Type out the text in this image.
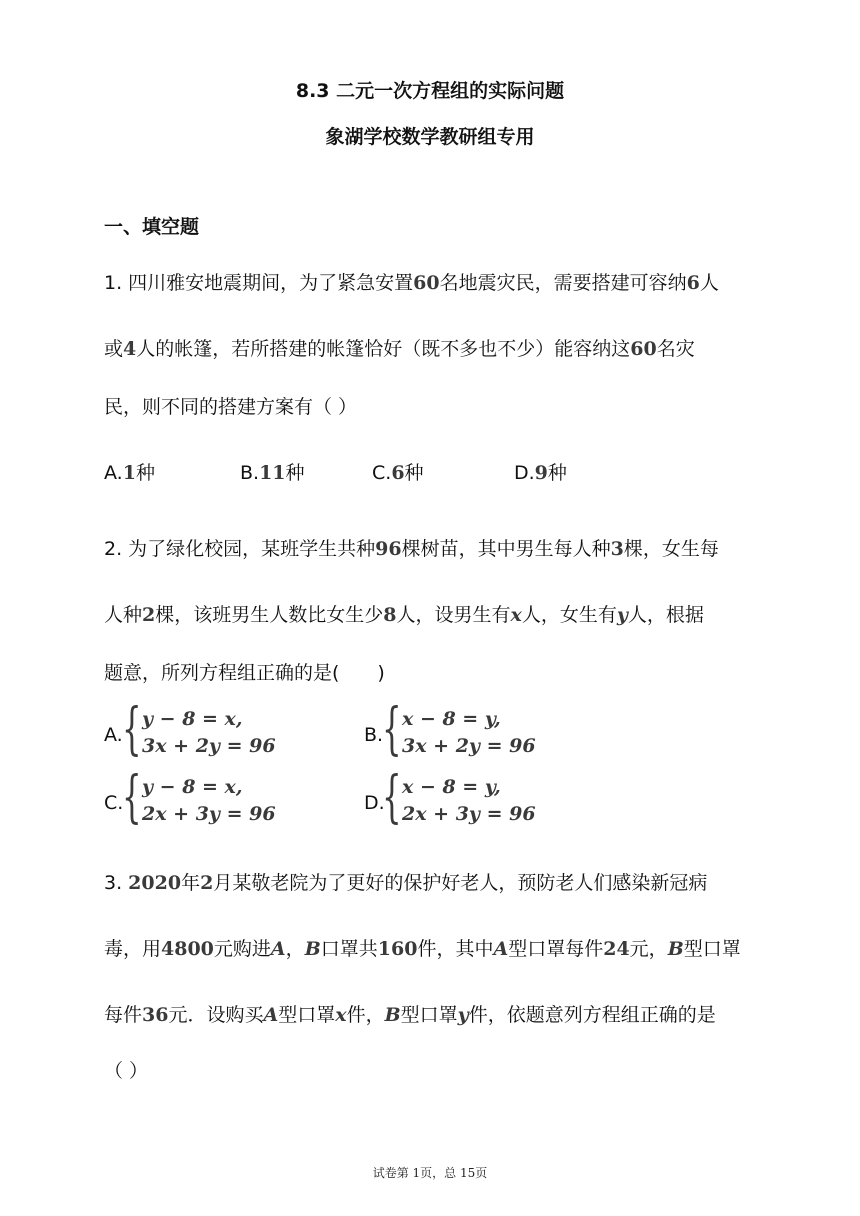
8.3 二元一次方程组的实际问题
象湖学校数学教研组专用
一、填空题
1. 四川雅安地震期间，为了紧急安置60名地震灾民，需要搭建可容纳6人
或4人的帐篷，若所搭建的帐篷恰好（既不多也不少）能容纳这60名灾
民，则不同的搭建方案有（ ）
A.1种	B.11种	C.6种	D.9种
2. 为了绿化校园，某班学生共种96棵树苗，其中男生每人种3棵，女生每
人种2棵，该班男生人数比女生少8人，设男生有x人，女生有y人，根据
题意，所列方程组正确的是(　　)
A. { y − 8 = x,
3x + 2y = 96	B.
{ x − 8 = y,
3x + 2y = 96
C.
{ y − 8 = x,
2x + 3y = 96	D.
{ x − 8 = y,
2x + 3y = 96
3. 2020年2月某敬老院为了更好的保护好老人，预防老人们感染新冠病
毒，用4800元购进A，B口罩共160件，其中A型口罩每件24元，B型口罩
每件36元．设购买A型口罩x件，B型口罩y件，依题意列方程组正确的是
（ ）
试卷第 1页，总 15页
